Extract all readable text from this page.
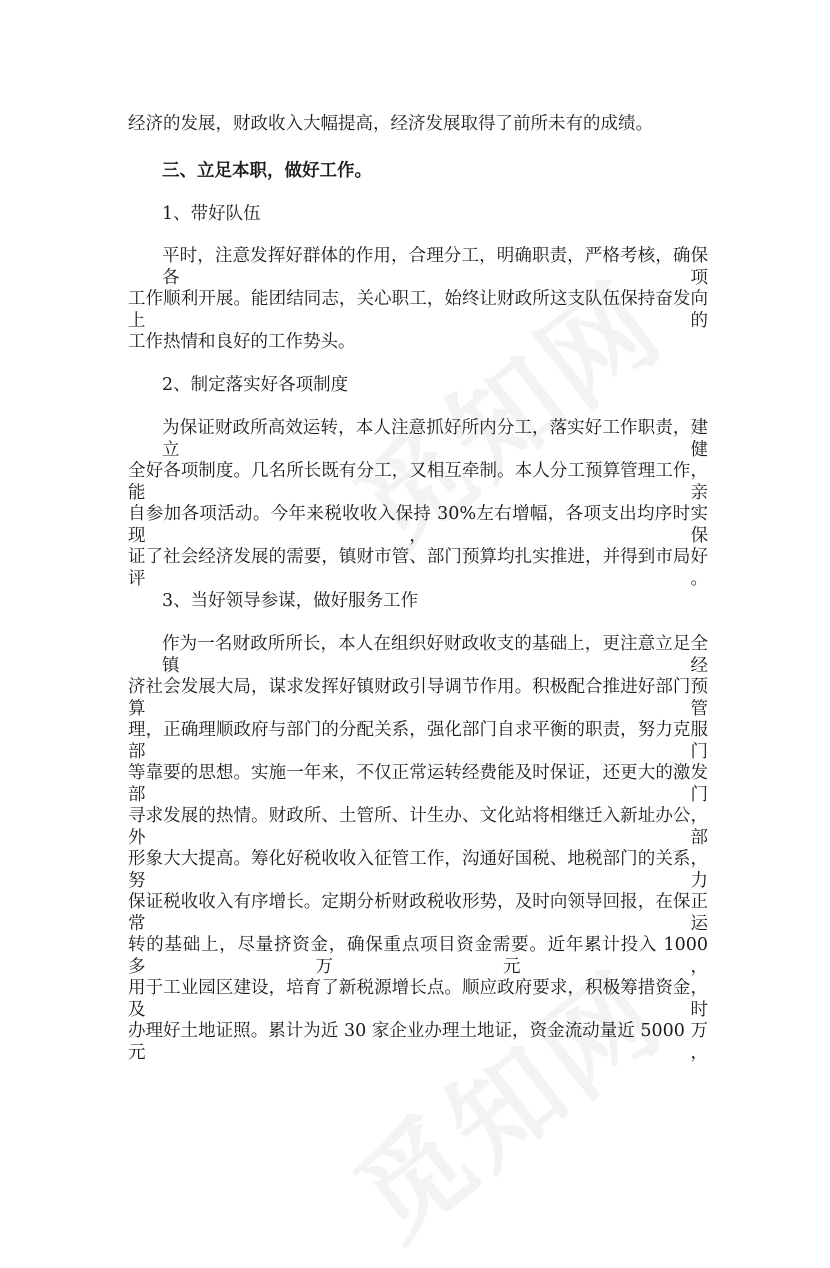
经济的发展，财政收入大幅提高，经济发展取得了前所未有的成绩。
三、立足本职，做好工作。
1、带好队伍
平时，注意发挥好群体的作用，合理分工，明确职责，严格考核，确保各项
工作顺利开展。能团结同志，关心职工，始终让财政所这支队伍保持奋发向上的
工作热情和良好的工作势头。
2、制定落实好各项制度
为保证财政所高效运转，本人注意抓好所内分工，落实好工作职责，建立健
全好各项制度。几名所长既有分工，又相互牵制。本人分工预算管理工作，能亲
自参加各项活动。今年来税收收入保持 30%左右增幅，各项支出均序时实现，保
证了社会经济发展的需要，镇财市管、部门预算均扎实推进，并得到市局好评。
3、当好领导参谋，做好服务工作
作为一名财政所所长，本人在组织好财政收支的基础上，更注意立足全镇经
济社会发展大局，谋求发挥好镇财政引导调节作用。积极配合推进好部门预算管
理，正确理顺政府与部门的分配关系，强化部门自求平衡的职责，努力克服部门
等靠要的思想。实施一年来，不仅正常运转经费能及时保证，还更大的激发部门
寻求发展的热情。财政所、土管所、计生办、文化站将相继迁入新址办公，外部
形象大大提高。筹化好税收收入征管工作，沟通好国税、地税部门的关系，努力
保证税收收入有序增长。定期分析财政税收形势，及时向领导回报，在保正常运
转的基础上，尽量挤资金，确保重点项目资金需要。近年累计投入 1000 多万元，
用于工业园区建设，培育了新税源增长点。顺应政府要求，积极筹措资金，及时
办理好土地证照。累计为近 30 家企业办理土地证，资金流动量近 5000 万元，
